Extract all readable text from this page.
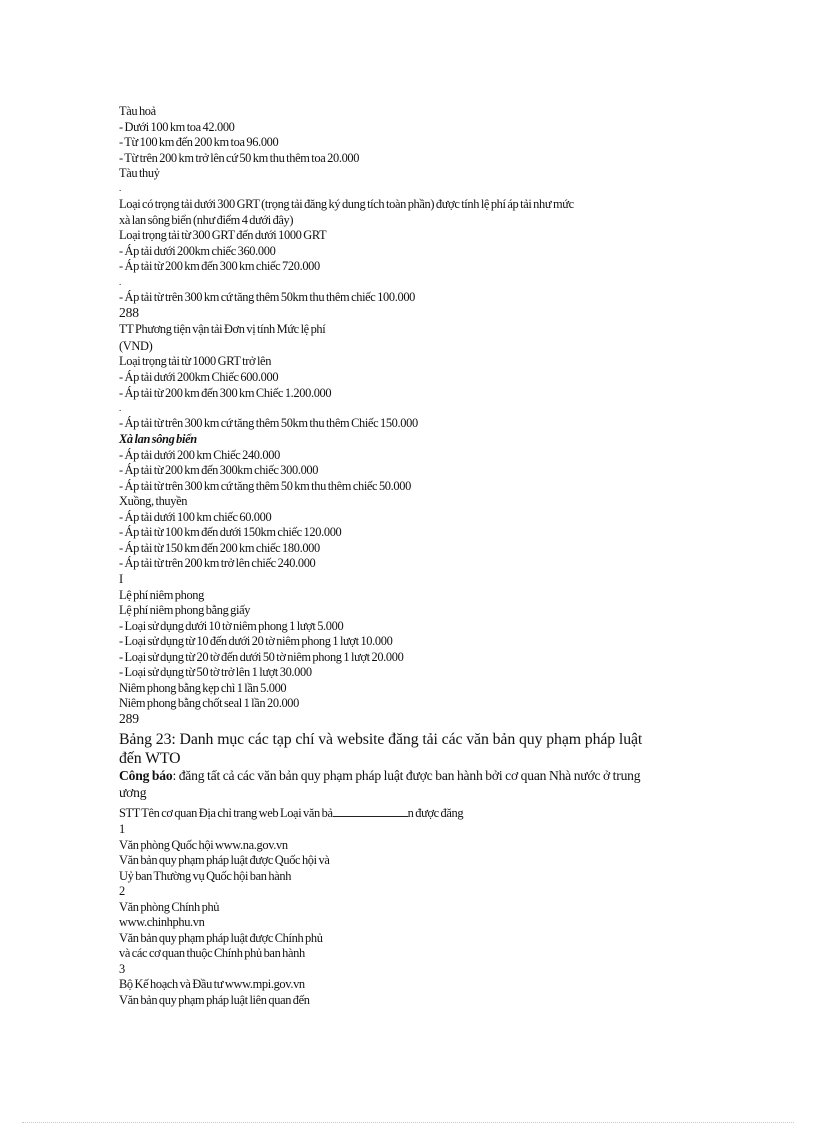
Tàu hoả
- Dưới 100 km toa 42.000
- Từ 100 km đến 200 km toa 96.000
- Từ trên 200 km trở lên cứ 50 km thu thêm toa 20.000
Tàu thuỷ
.
Loại có trọng tải dưới 300 GRT (trọng tải đăng ký dung tích toàn phần) được tính lệ phí áp tải như mức
xà lan sông biển (như điểm 4 dưới đây)
Loại trọng tải từ 300 GRT đến dưới 1000 GRT
- Áp tải dưới 200km chiếc 360.000
- Áp tải từ 200 km đến 300 km chiếc 720.000
.
- Áp tải từ trên 300 km cứ tăng thêm 50km thu thêm chiếc 100.000
288
TT Phương tiện vận tải Đơn vị tính Mức lệ phí
(VND)
Loại trọng tải từ 1000 GRT trở lên
- Áp tải dưới 200km Chiếc 600.000
- Áp tải từ 200 km đến 300 km Chiếc 1.200.000
.
- Áp tải từ trên 300 km cứ tăng thêm 50km thu thêm Chiếc 150.000
Xà lan sông biển
- Áp tải dưới 200 km Chiếc 240.000
- Áp tải từ 200 km đến 300km chiếc 300.000
- Áp tải từ trên 300 km cứ tăng thêm 50 km thu thêm chiếc 50.000
Xuồng, thuyền
- Áp tải dưới 100 km chiếc 60.000
- Áp tải từ 100 km đến dưới 150km chiếc 120.000
- Áp tải từ 150 km đến 200 km chiếc 180.000
- Áp tải từ trên 200 km trở lên chiếc 240.000
I
Lệ phí niêm phong
Lệ phí niêm phong bằng giấy
- Loại sử dụng dưới 10 tờ niêm phong 1 lượt 5.000
- Loại sử dụng từ 10 đến dưới 20 tờ niêm phong 1 lượt 10.000
- Loại sử dụng từ 20 tờ đến dưới 50 tờ niêm phong 1 lượt 20.000
- Loại sử dụng từ 50 tờ trở lên 1 lượt 30.000
Niêm phong bằng kẹp chì 1 lần 5.000
Niêm phong bằng chốt seal 1 lần 20.000
289
Bảng 23: Danh mục các tạp chí và website đăng tải các văn bản quy phạm pháp luật
đến WTO
Công báo: đăng tất cả các văn bản quy phạm pháp luật được ban hành bởi cơ quan Nhà nước ở trung
ương
STT Tên cơ quan Địa chỉ trang web Loại văn bả	n được đăng
1
Văn phòng Quốc hội www.na.gov.vn
Văn bản quy phạm pháp luật được Quốc hội và
Uỷ ban Thường vụ Quốc hội ban hành
2
Văn phòng Chính phủ
www.chinhphu.vn
Văn bản quy phạm pháp luật được Chính phủ
và các cơ quan thuộc Chính phủ ban hành
3
Bộ Kế hoạch và Đầu tư www.mpi.gov.vn
Văn bản quy phạm pháp luật liên quan đến
